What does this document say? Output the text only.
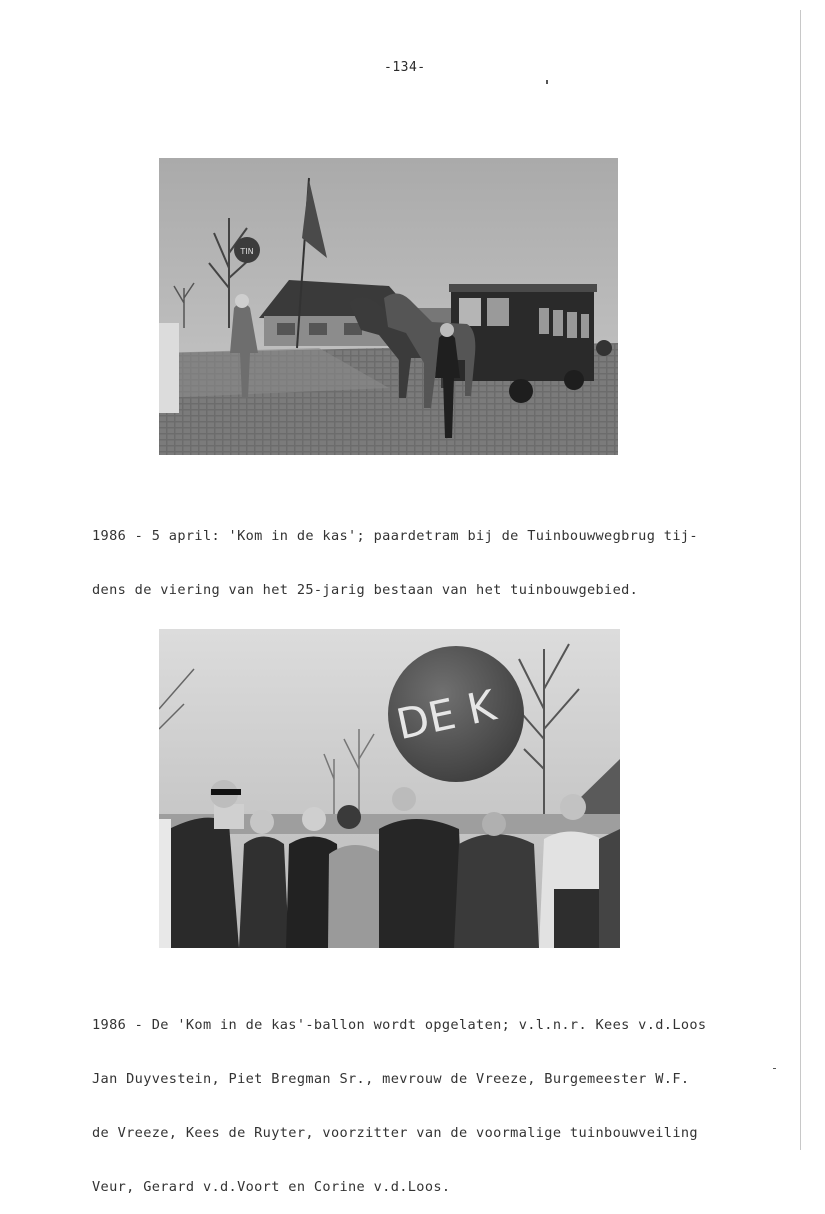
-134-
TIN

1986 - 5 april: 'Kom in de kas'; paardetram bij de Tuinbouwwegbrug tij-

dens de viering van het 25-jarig bestaan van het tuinbouwgebied.

DE K

1986 - De 'Kom in de kas'-ballon wordt opgelaten; v.l.n.r. Kees v.d.Loos

Jan Duyvestein, Piet Bregman Sr., mevrouw de Vreeze, Burgemeester W.F.

de Vreeze, Kees de Ruyter, voorzitter van de voormalige tuinbouwveiling

Veur, Gerard v.d.Voort en Corine v.d.Loos.
